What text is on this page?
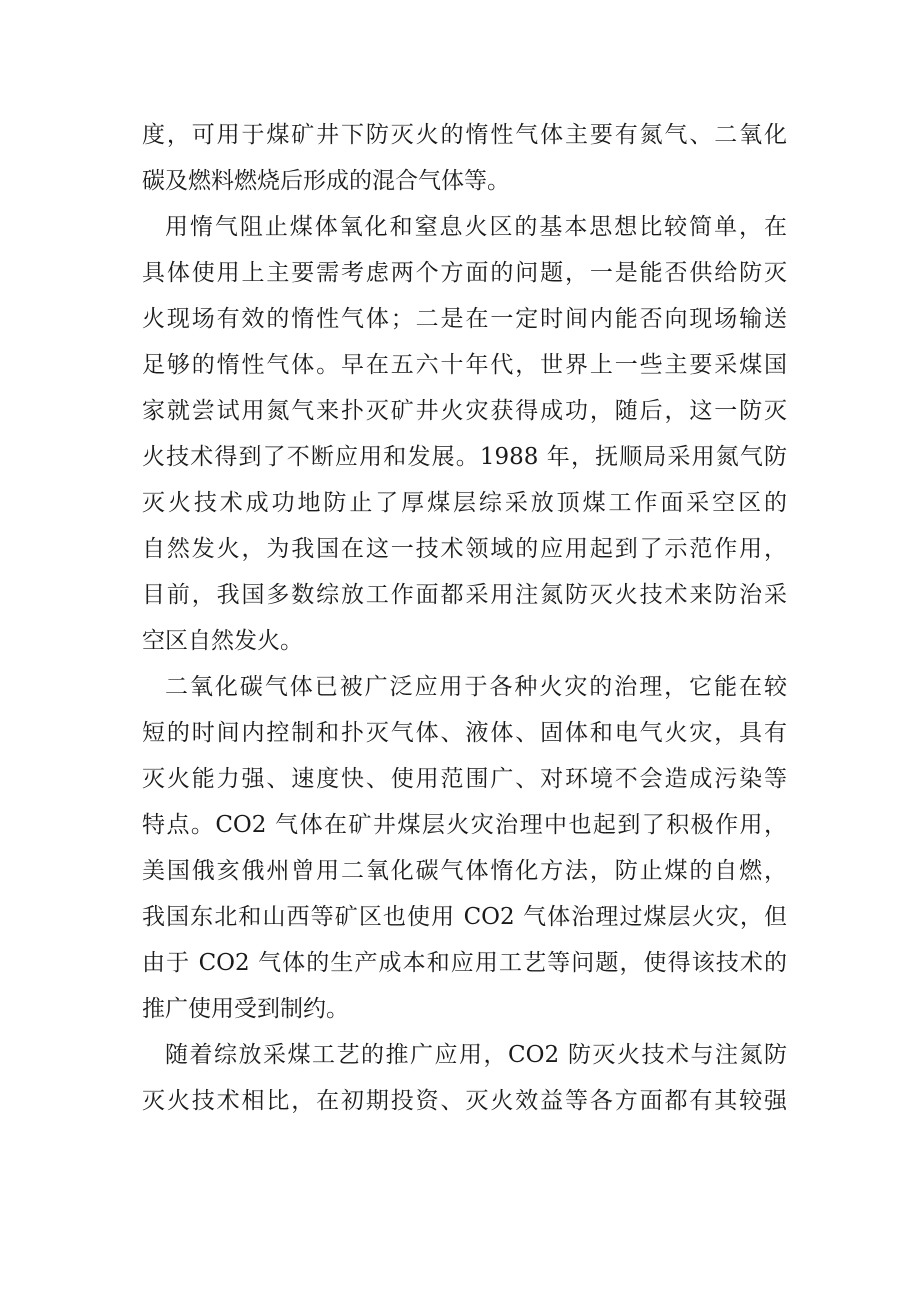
度，可用于煤矿井下防灭火的惰性气体主要有氮气、二氧化
碳及燃料燃烧后形成的混合气体等。
用惰气阻止煤体氧化和窒息火区的基本思想比较简单，在
具体使用上主要需考虑两个方面的问题，一是能否供给防灭
火现场有效的惰性气体；二是在一定时间内能否向现场输送
足够的惰性气体。早在五六十年代，世界上一些主要采煤国
家就尝试用氮气来扑灭矿井火灾获得成功，随后，这一防灭
火技术得到了不断应用和发展。1988 年，抚顺局采用氮气防
灭火技术成功地防止了厚煤层综采放顶煤工作面采空区的
自然发火，为我国在这一技术领域的应用起到了示范作用，
目前，我国多数综放工作面都采用注氮防灭火技术来防治采
空区自然发火。
二氧化碳气体已被广泛应用于各种火灾的治理，它能在较
短的时间内控制和扑灭气体、液体、固体和电气火灾，具有
灭火能力强、速度快、使用范围广、对环境不会造成污染等
特点。CO2 气体在矿井煤层火灾治理中也起到了积极作用，
美国俄亥俄州曾用二氧化碳气体惰化方法，防止煤的自燃，
我国东北和山西等矿区也使用 CO2 气体治理过煤层火灾，但
由于 CO2 气体的生产成本和应用工艺等问题，使得该技术的
推广使用受到制约。
随着综放采煤工艺的推广应用，CO2 防灭火技术与注氮防
灭火技术相比，在初期投资、灭火效益等各方面都有其较强
